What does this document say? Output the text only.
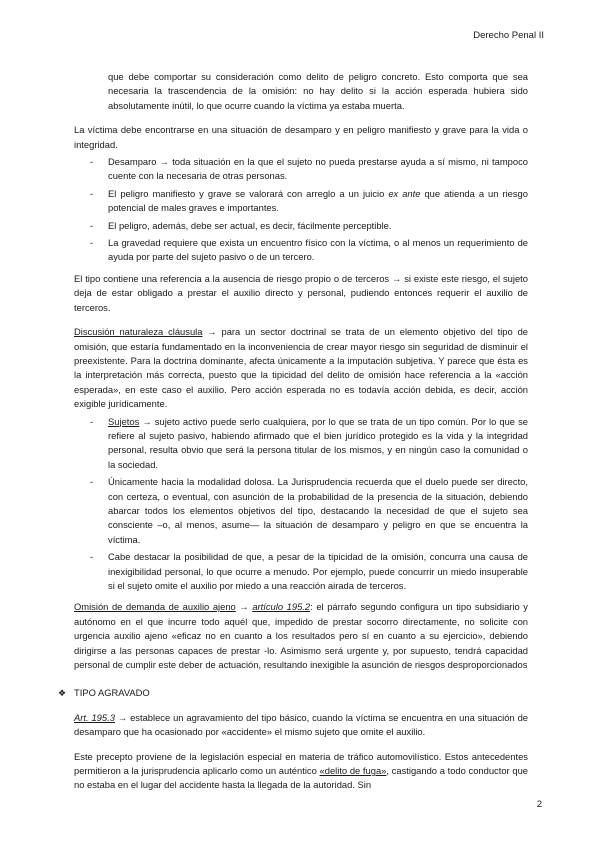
Derecho Penal II

que debe comportar su consideración como delito de peligro concreto. Esto comporta que sea necesaria la trascendencia de la omisión: no hay delito si la acción esperada hubiera sido absolutamente inútil, lo que ocurre cuando la víctima ya estaba muerta.

La víctima debe encontrarse en una situación de desamparo y en peligro manifiesto y grave para la vida o integridad.

- Desamparo → toda situación en la que el sujeto no pueda prestarse ayuda a sí mismo, ni tampoco cuente con la necesaria de otras personas.
- El peligro manifiesto y grave se valorará con arreglo a un juicio ex ante que atienda a un riesgo potencial de males graves e importantes.
- El peligro, además, debe ser actual, es decir, fácilmente perceptible.
- La gravedad requiere que exista un encuentro físico con la víctima, o al menos un requerimiento de ayuda por parte del sujeto pasivo o de un tercero.

El tipo contiene una referencia a la ausencia de riesgo propio o de terceros → si existe este riesgo, el sujeto deja de estar obligado a prestar el auxilio directo y personal, pudiendo entonces requerir el auxilio de terceros.

Discusión naturaleza cláusula → para un sector doctrinal se trata de un elemento objetivo del tipo de omisión, que estaría fundamentado en la inconveniencia de crear mayor riesgo sin seguridad de disminuir el preexistente. Para la doctrina dominante, afecta únicamente a la imputación subjetiva. Y parece que ésta es la interpretación más correcta, puesto que la tipicidad del delito de omisión hace referencia a la «acción esperada», en este caso el auxilio. Pero acción esperada no es todavía acción debida, es decir, acción exigible jurídicamente.

- Sujetos → sujeto activo puede serlo cualquiera, por lo que se trata de un tipo común. Por lo que se refiere al sujeto pasivo, habiendo afirmado que el bien jurídico protegido es la vida y la integridad personal, resulta obvio que será la persona titular de los mismos, y en ningún caso la comunidad o la sociedad.
- Únicamente hacia la modalidad dolosa. La Jurisprudencia recuerda que el duelo puede ser directo, con certeza, o eventual, con asunción de la probabilidad de la presencia de la situación, debiendo abarcar todos los elementos objetivos del tipo, destacando la necesidad de que el sujeto sea consciente –o, al menos, asume— la situación de desamparo y peligro en que se encuentra la víctima.
- Cabe destacar la posibilidad de que, a pesar de la tipicidad de la omisión, concurra una causa de inexigibilidad personal, lo que ocurre a menudo. Por ejemplo, puede concurrir un miedo insuperable si el sujeto omite el auxilio por miedo a una reacción airada de terceros.

Omisión de demanda de auxilio ajeno → artículo 195.2: el párrafo segundo configura un tipo subsidiario y autónomo en el que incurre todo aquél que, impedido de prestar socorro directamente, no solicite con urgencia auxilio ajeno «eficaz no en cuanto a los resultados pero sí en cuanto a su ejercicio», debiendo dirigirse a las personas capaces de prestar -lo. Asimismo será urgente y, por supuesto, tendrá capacidad personal de cumplir este deber de actuación, resultando inexigible la asunción de riesgos desproporcionados

❖ TIPO AGRAVADO

Art. 195.3 → establece un agravamiento del tipo básico, cuando la víctima se encuentra en una situación de desamparo que ha ocasionado por «accidente» el mismo sujeto que omite el auxilio.

Este precepto proviene de la legislación especial en materia de tráfico automovilístico. Estos antecedentes permitieron a la jurisprudencia aplicarlo como un auténtico «delito de fuga», castigando a todo conductor que no estaba en el lugar del accidente hasta la llegada de la autoridad. Sin

2
